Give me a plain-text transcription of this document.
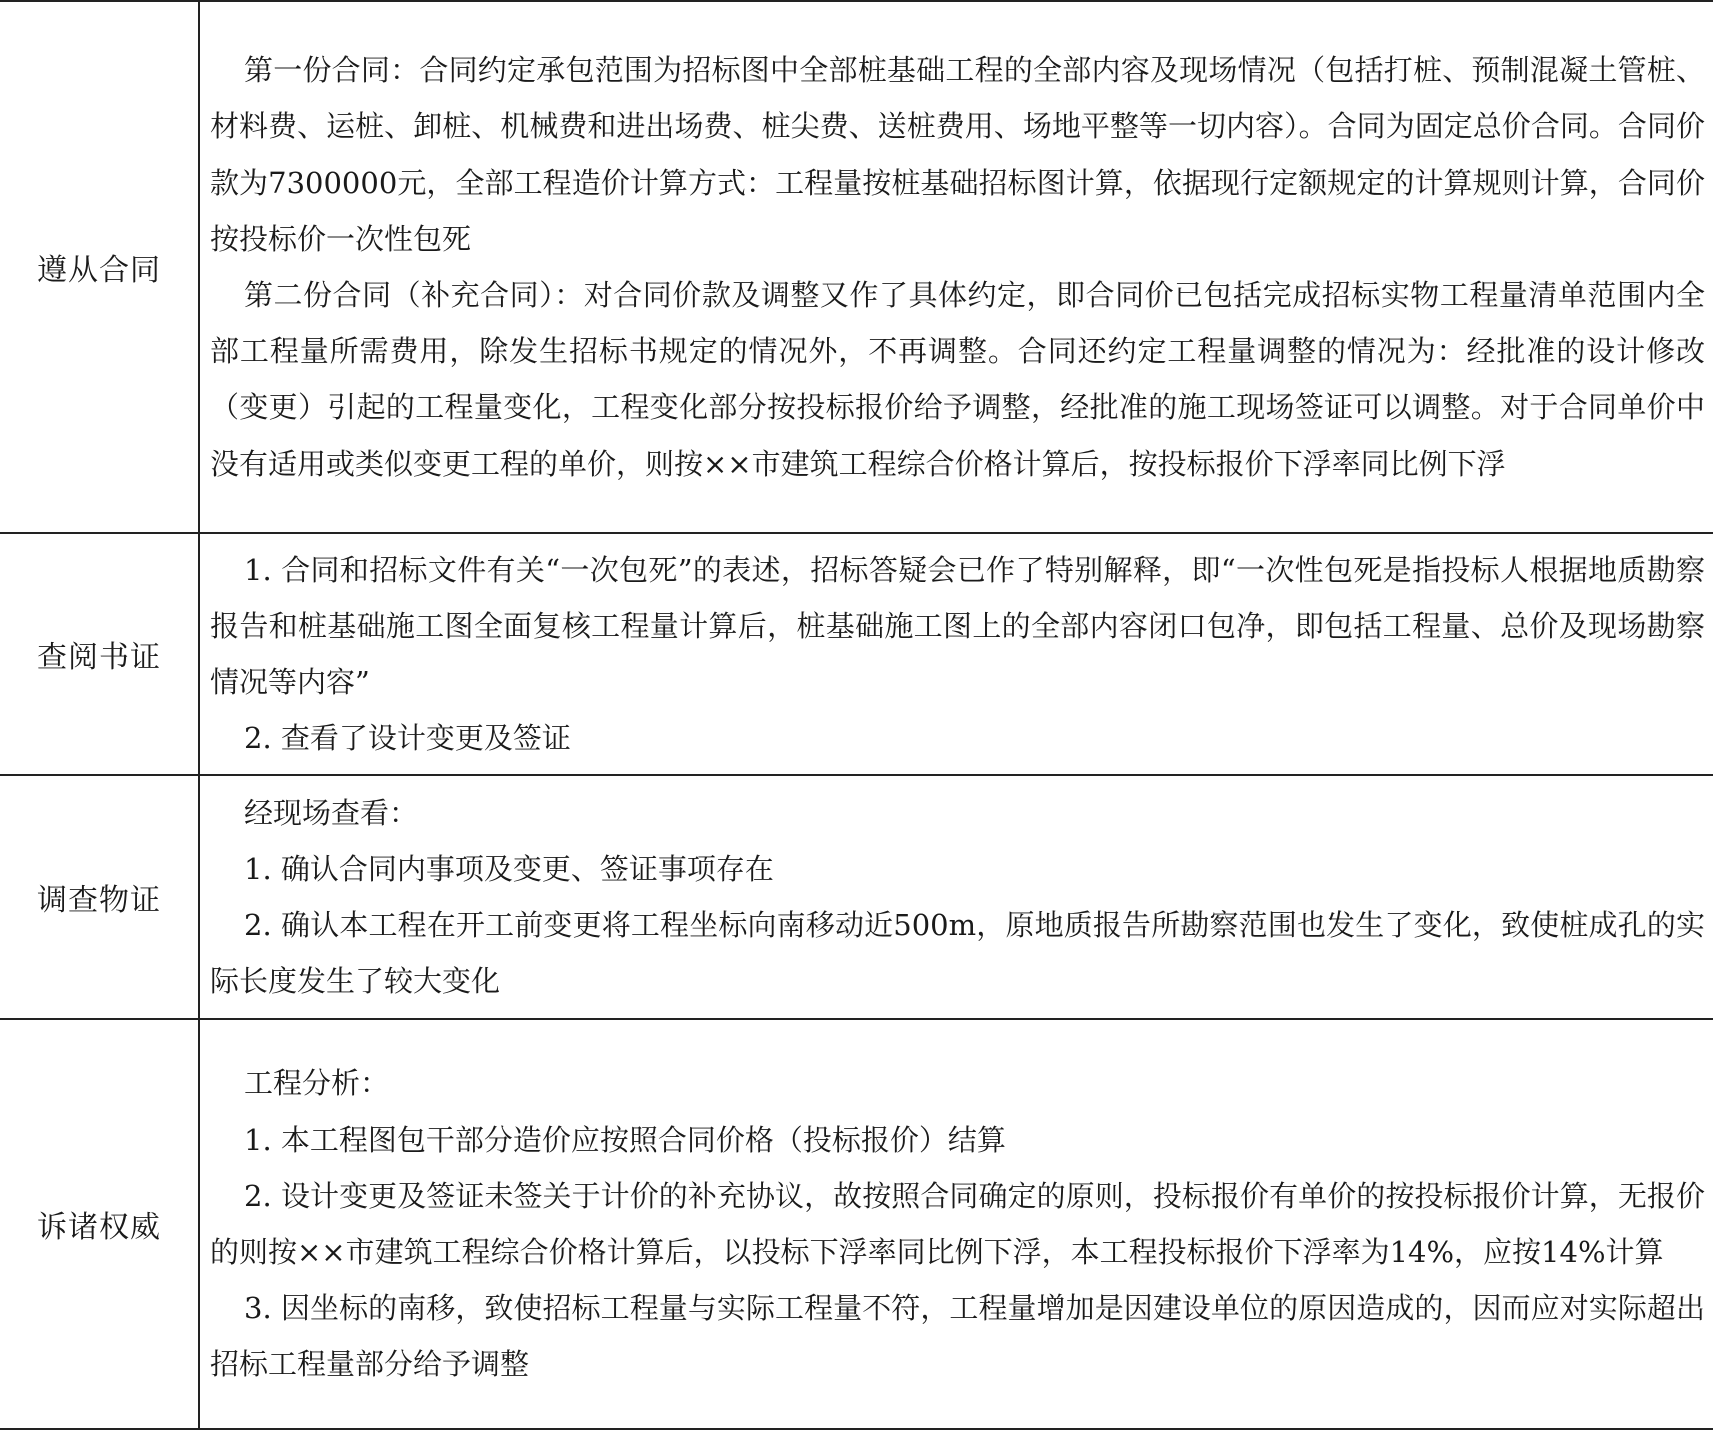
遵从合同	第一份合同：合同约定承包范围为招标图中全部桩基础工程的全部内容及现场情况（包括打桩、预制混凝土管桩、材料费、运桩、卸桩、机械费和进出场费、桩尖费、送桩费用、场地平整等一切内容）。合同为固定总价合同。合同价款为7300000元，全部工程造价计算方式：工程量按桩基础招标图计算，依据现行定额规定的计算规则计算，合同价按投标价一次性包死

第二份合同（补充合同）：对合同价款及调整又作了具体约定，即合同价已包括完成招标实物工程量清单范围内全部工程量所需费用，除发生招标书规定的情况外，不再调整。合同还约定工程量调整的情况为：经批准的设计修改（变更）引起的工程量变化，工程变化部分按投标报价给予调整，经批准的施工现场签证可以调整。对于合同单价中没有适用或类似变更工程的单价，则按××市建筑工程综合价格计算后，按投标报价下浮率同比例下浮

查阅书证	1. 合同和招标文件有关“一次包死”的表述，招标答疑会已作了特别解释，即“一次性包死是指投标人根据地质勘察报告和桩基础施工图全面复核工程量计算后，桩基础施工图上的全部内容闭口包净，即包括工程量、总价及现场勘察情况等内容”

2. 查看了设计变更及签证

调查物证	经现场查看：

1. 确认合同内事项及变更、签证事项存在

2. 确认本工程在开工前变更将工程坐标向南移动近500m，原地质报告所勘察范围也发生了变化，致使桩成孔的实际长度发生了较大变化

诉诸权威	工程分析：

1. 本工程图包干部分造价应按照合同价格（投标报价）结算

2. 设计变更及签证未签关于计价的补充协议，故按照合同确定的原则，投标报价有单价的按投标报价计算，无报价的则按××市建筑工程综合价格计算后，以投标下浮率同比例下浮，本工程投标报价下浮率为14%，应按14%计算

3. 因坐标的南移，致使招标工程量与实际工程量不符，工程量增加是因建设单位的原因造成的，因而应对实际超出招标工程量部分给予调整
